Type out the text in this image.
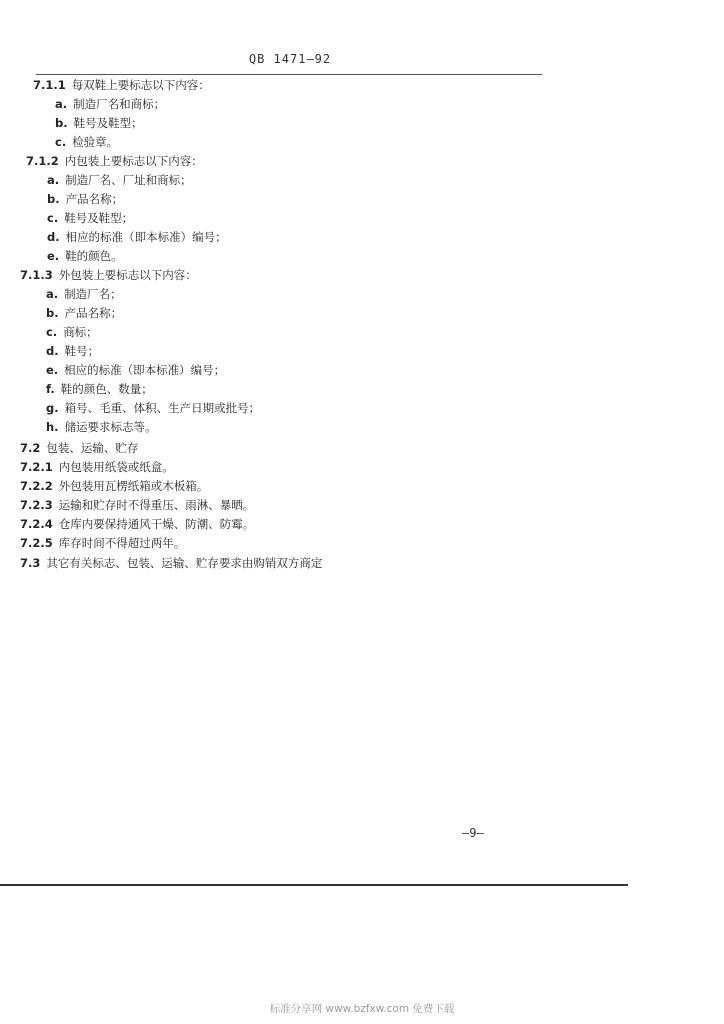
QB 1471—92
7.1.1 每双鞋上要标志以下内容：
a. 制造厂名和商标；
b. 鞋号及鞋型；
c. 检验章。
7.1.2 内包装上要标志以下内容：
a. 制造厂名、厂址和商标；
b. 产品名称；
c. 鞋号及鞋型；
d. 相应的标准（即本标准）编号；
e. 鞋的颜色。
7.1.3 外包装上要标志以下内容：
a. 制造厂名；
b. 产品名称；
c. 商标；
d. 鞋号；
e. 相应的标准（即本标准）编号；
f. 鞋的颜色、数量；
g. 箱号、毛重、体积、生产日期或批号；
h. 储运要求标志等。
7.2 包装、运输、贮存
7.2.1 内包装用纸袋或纸盒。
7.2.2 外包装用瓦楞纸箱或木板箱。
7.2.3 运输和贮存时不得重压、雨淋、暴晒。
7.2.4 仓库内要保持通风干燥、防潮、防霉。
7.2.5 库存时间不得超过两年。
7.3 其它有关标志、包装、运输、贮存要求由购销双方商定
—9—
标准分享网 www.bzfxw.com 免费下载
